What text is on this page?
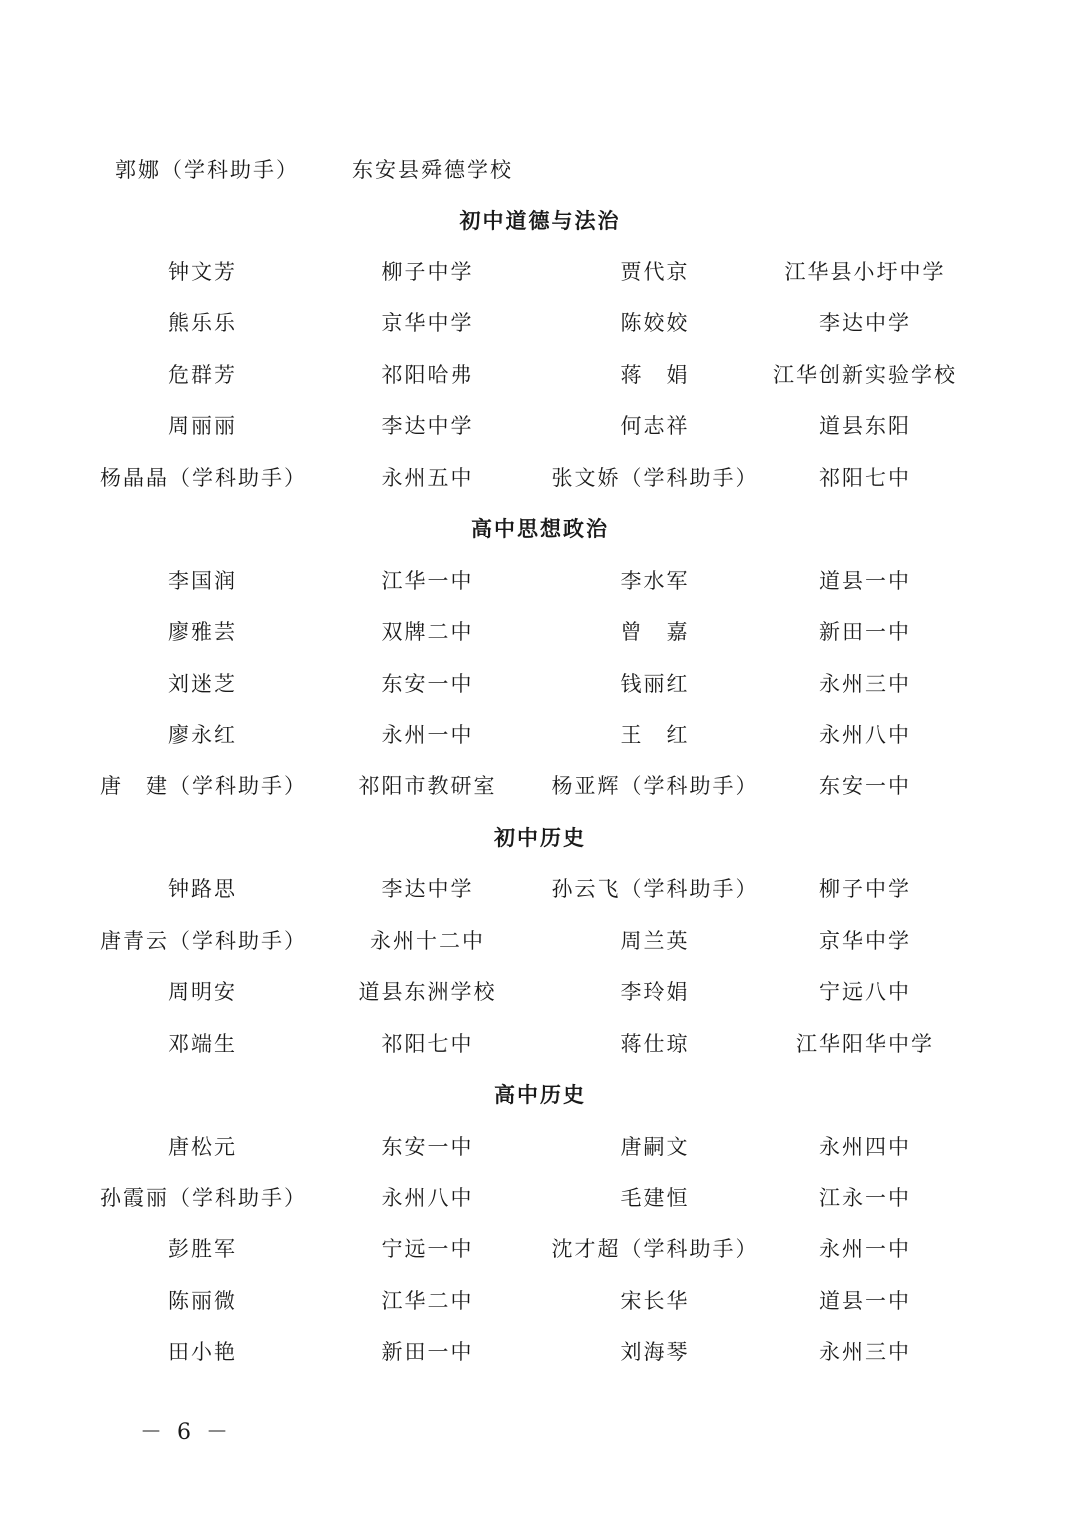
郭娜（学科助手）	东安县舜德学校
初中道德与法治
钟文芳	柳子中学	贾代京	江华县小圩中学
熊乐乐	京华中学	陈姣姣	李达中学
危群芳	祁阳哈弗	蒋　娟	江华创新实验学校
周丽丽	李达中学	何志祥	道县东阳
杨晶晶（学科助手）	永州五中	张文娇（学科助手）	祁阳七中
高中思想政治
李国润	江华一中	李水军	道县一中
廖雅芸	双牌二中	曾　嘉	新田一中
刘迷芝	东安一中	钱丽红	永州三中
廖永红	永州一中	王　红	永州八中
唐　建（学科助手）	祁阳市教研室	杨亚辉（学科助手）	东安一中
初中历史
钟路思	李达中学	孙云飞（学科助手）	柳子中学
唐青云（学科助手）	永州十二中	周兰英	京华中学
周明安	道县东洲学校	李玲娟	宁远八中
邓端生	祁阳七中	蒋仕琼	江华阳华中学
高中历史
唐松元	东安一中	唐嗣文	永州四中
孙霞丽（学科助手）	永州八中	毛建恒	江永一中
彭胜军	宁远一中	沈才超（学科助手）	永州一中
陈丽微	江华二中	宋长华	道县一中
田小艳	新田一中	刘海琴	永州三中
－ 6 －
